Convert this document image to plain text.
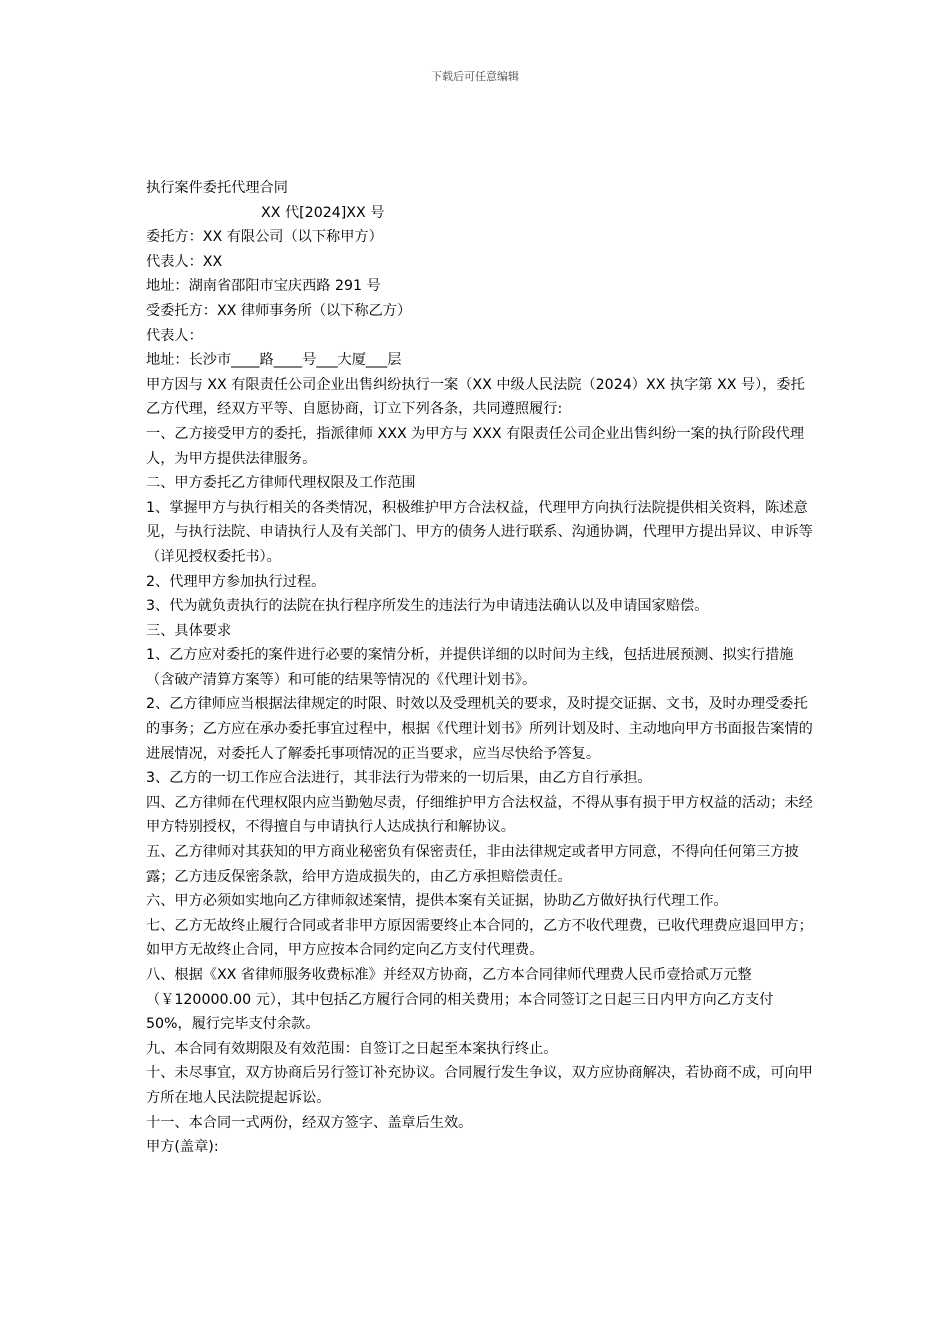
下载后可任意编辑

执行案件委托代理合同

XX 代[2024]XX 号

委托方：XX 有限公司（以下称甲方）

代表人：XX

地址：湖南省邵阳市宝庆西路 291 号

受委托方：XX 律师事务所（以下称乙方）

代表人：

地址：长沙市____路____号___大厦___层

甲方因与 XX 有限责任公司企业出售纠纷执行一案（XX 中级人民法院（2024）XX 执字第 XX 号），委托乙方代理，经双方平等、自愿协商，订立下列各条，共同遵照履行:

一、乙方接受甲方的委托，指派律师 XXX 为甲方与 XXX 有限责任公司企业出售纠纷一案的执行阶段代理人，为甲方提供法律服务。

二、甲方委托乙方律师代理权限及工作范围

1、掌握甲方与执行相关的各类情况，积极维护甲方合法权益，代理甲方向执行法院提供相关资料，陈述意见，与执行法院、申请执行人及有关部门、甲方的债务人进行联系、沟通协调，代理甲方提出异议、申诉等（详见授权委托书）。

2、代理甲方参加执行过程。

3、代为就负责执行的法院在执行程序所发生的违法行为申请违法确认以及申请国家赔偿。

三、具体要求

1、乙方应对委托的案件进行必要的案情分析，并提供详细的以时间为主线，包括进展预测、拟实行措施（含破产清算方案等）和可能的结果等情况的《代理计划书》。

2、乙方律师应当根据法律规定的时限、时效以及受理机关的要求，及时提交证据、文书，及时办理受委托的事务；乙方应在承办委托事宜过程中，根据《代理计划书》所列计划及时、主动地向甲方书面报告案情的进展情况，对委托人了解委托事项情况的正当要求，应当尽快给予答复。

3、乙方的一切工作应合法进行，其非法行为带来的一切后果，由乙方自行承担。

四、乙方律师在代理权限内应当勤勉尽责，仔细维护甲方合法权益，不得从事有损于甲方权益的活动；未经甲方特别授权，不得擅自与申请执行人达成执行和解协议。

五、乙方律师对其获知的甲方商业秘密负有保密责任，非由法律规定或者甲方同意，不得向任何第三方披露；乙方违反保密条款，给甲方造成损失的，由乙方承担赔偿责任。

六、甲方必须如实地向乙方律师叙述案情，提供本案有关证据，协助乙方做好执行代理工作。

七、乙方无故终止履行合同或者非甲方原因需要终止本合同的，乙方不收代理费，已收代理费应退回甲方；如甲方无故终止合同，甲方应按本合同约定向乙方支付代理费。

八、根据《XX 省律师服务收费标准》并经双方协商，乙方本合同律师代理费人民币壹拾贰万元整（￥120000.00 元），其中包括乙方履行合同的相关费用；本合同签订之日起三日内甲方向乙方支付 50%，履行完毕支付余款。

九、本合同有效期限及有效范围：自签订之日起至本案执行终止。

十、未尽事宜，双方协商后另行签订补充协议。合同履行发生争议，双方应协商解决，若协商不成，可向甲方所在地人民法院提起诉讼。

十一、本合同一式两份，经双方签字、盖章后生效。

甲方(盖章):
